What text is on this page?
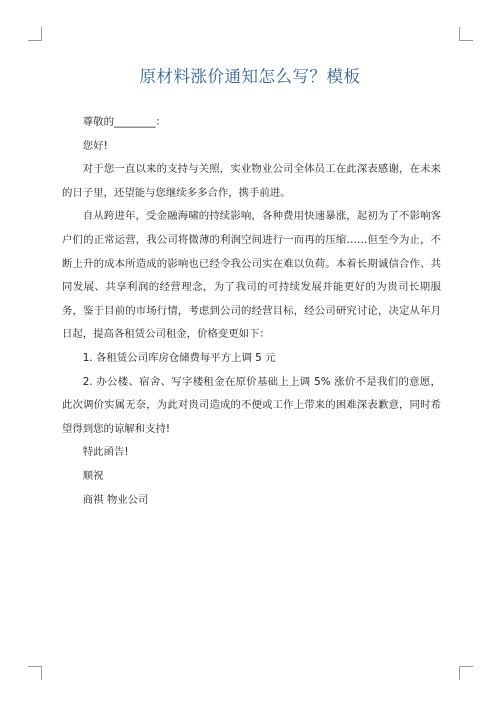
原材料涨价通知怎么写？模板

尊敬的________：

您好!

对于您一直以来的支持与关照，实业物业公司全体员工在此深表感谢，在未来的日子里，还望能与您继续多多合作，携手前进。

自从跨进年，受金融海啸的持续影响，各种费用快速暴涨，起初为了不影响客户们的正常运营，我公司将微薄的利润空间进行一而再的压缩……但至今为止，不断上升的成本所造成的影响也已经令我公司实在难以负荷。本着长期诚信合作、共同发展、共享利润的经营理念，为了我司的可持续发展并能更好的为贵司长期服务，鉴于目前的市场行情，考虑到公司的经营目标，经公司研究讨论，决定从年月日起，提高各租赁公司租金，价格变更如下：

1. 各租赁公司库房仓储费每平方上调 5 元

2. 办公楼、宿舍、写字楼租金在原价基础上上调 5% 涨价不是我们的意愿，此次调价实属无奈，为此对贵司造成的不便或工作上带来的困难深表歉意，同时希望得到您的谅解和支持!

特此函告!

顺祝

商祺 物业公司
